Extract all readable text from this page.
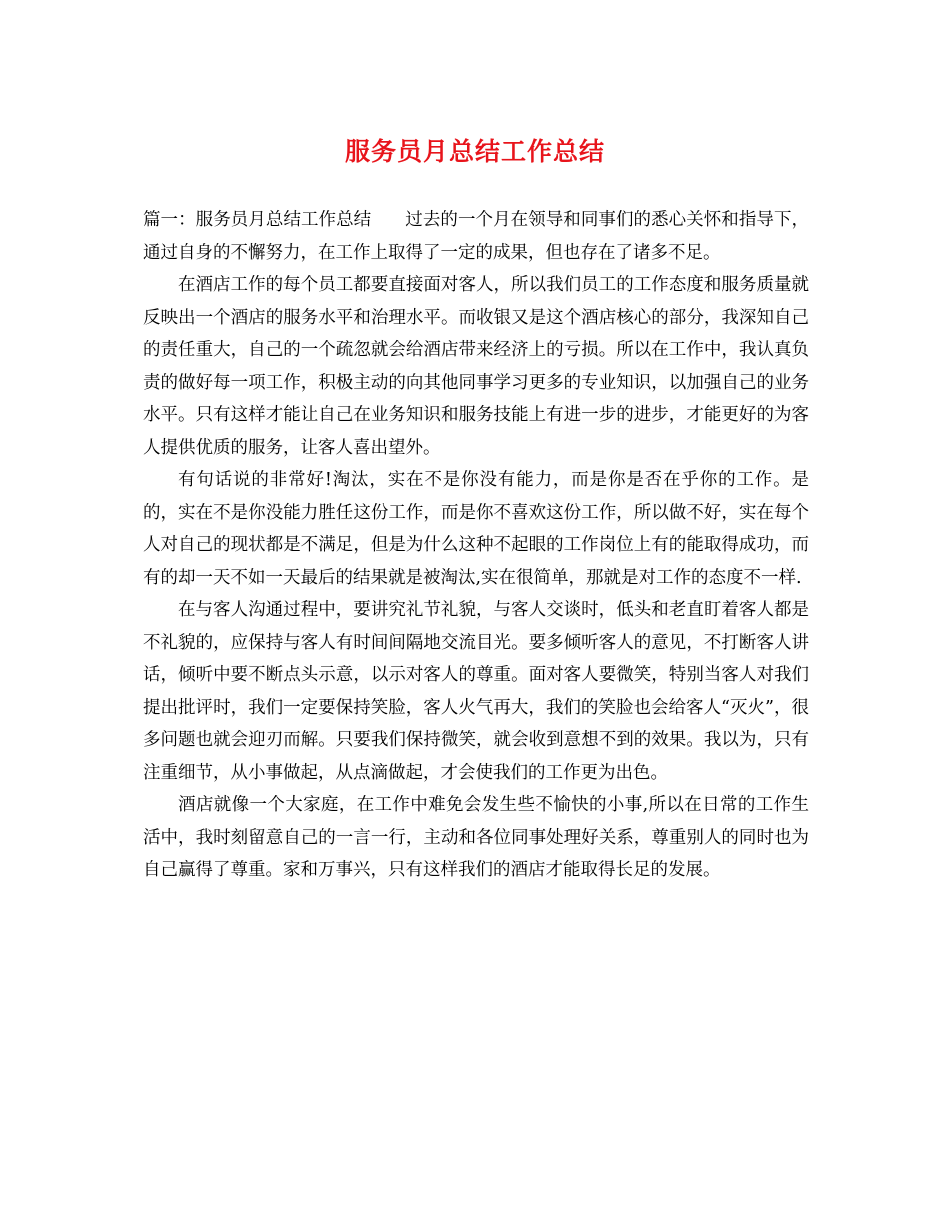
服务员月总结工作总结

篇一：服务员月总结工作总结 过去的一个月在领导和同事们的悉心关怀和指导下，通过自身的不懈努力，在工作上取得了一定的成果，但也存在了诸多不足。

在酒店工作的每个员工都要直接面对客人，所以我们员工的工作态度和服务质量就反映出一个酒店的服务水平和治理水平。而收银又是这个酒店核心的部分，我深知自己的责任重大，自己的一个疏忽就会给酒店带来经济上的亏损。所以在工作中，我认真负责的做好每一项工作，积极主动的向其他同事学习更多的专业知识，以加强自己的业务水平。只有这样才能让自己在业务知识和服务技能上有进一步的进步，才能更好的为客人提供优质的服务，让客人喜出望外。

有句话说的非常好!淘汰，实在不是你没有能力，而是你是否在乎你的工作。是的，实在不是你没能力胜任这份工作，而是你不喜欢这份工作，所以做不好，实在每个人对自己的现状都是不满足，但是为什么这种不起眼的工作岗位上有的能取得成功，而有的却一天不如一天最后的结果就是被淘汰,实在很简单，那就是对工作的态度不一样.

在与客人沟通过程中，要讲究礼节礼貌，与客人交谈时，低头和老直盯着客人都是不礼貌的，应保持与客人有时间间隔地交流目光。要多倾听客人的意见，不打断客人讲话，倾听中要不断点头示意，以示对客人的尊重。面对客人要微笑，特别当客人对我们提出批评时，我们一定要保持笑脸，客人火气再大，我们的笑脸也会给客人“灭火”，很多问题也就会迎刃而解。只要我们保持微笑，就会收到意想不到的效果。我以为，只有注重细节，从小事做起，从点滴做起，才会使我们的工作更为出色。

酒店就像一个大家庭，在工作中难免会发生些不愉快的小事,所以在日常的工作生活中，我时刻留意自己的一言一行，主动和各位同事处理好关系，尊重别人的同时也为自己赢得了尊重。家和万事兴，只有这样我们的酒店才能取得长足的发展。
